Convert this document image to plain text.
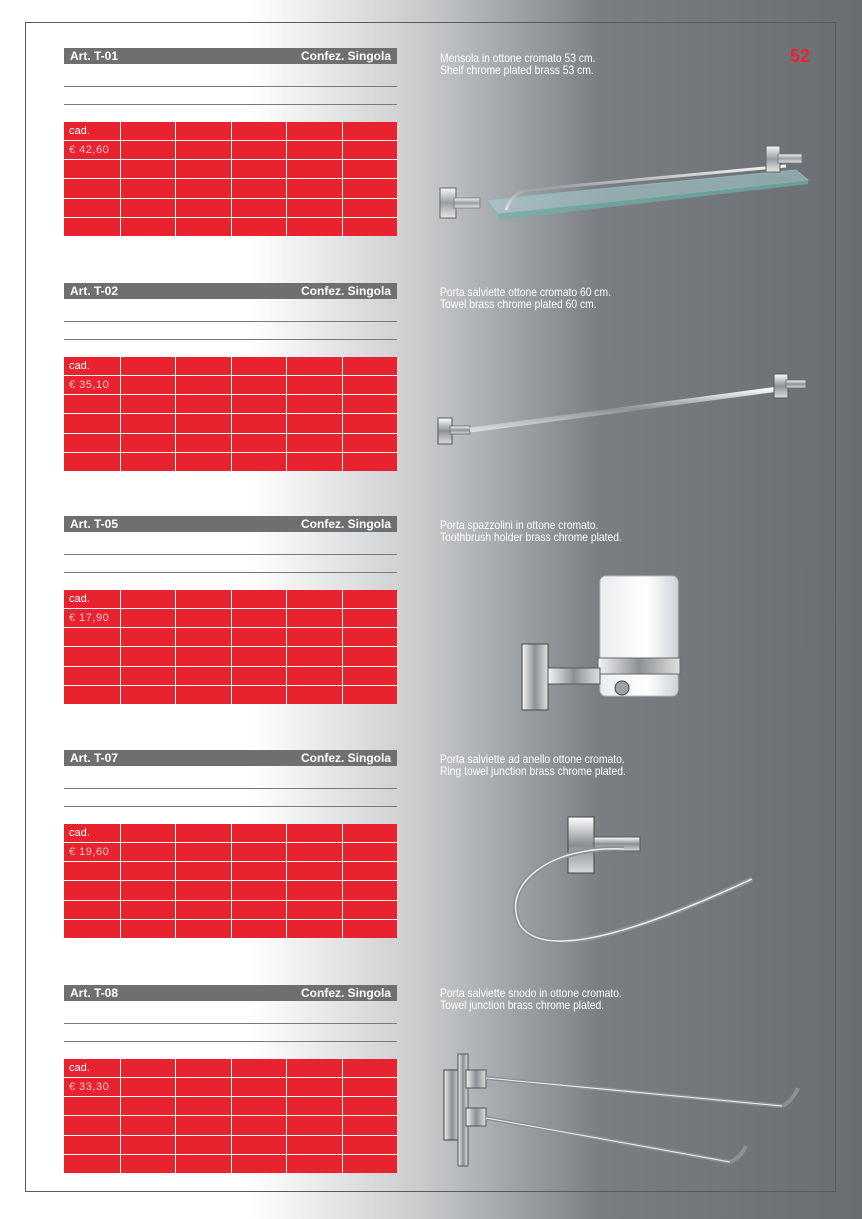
52
Art. T-01	Confez. Singola
cad.
€ 42,60
Art. T-02	Confez. Singola
cad.
€ 35,10
Art. T-05	Confez. Singola
cad.
€ 17,90
Art. T-07	Confez. Singola
cad.
€ 19,60
Art. T-08	Confez. Singola
cad.
€ 33,30
Mensola in ottone cromato 53 cm.
Shelf chrome plated brass 53 cm.
Porta salviette ottone cromato 60 cm.
Towel brass chrome plated 60 cm.
Porta spazzolini in ottone cromato.
Toothbrush holder brass chrome plated.
Porta salviette ad anello ottone cromato.
Ring towel junction brass chrome plated.
Porta salviette snodo in ottone cromato.
Towel junction brass chrome plated.
